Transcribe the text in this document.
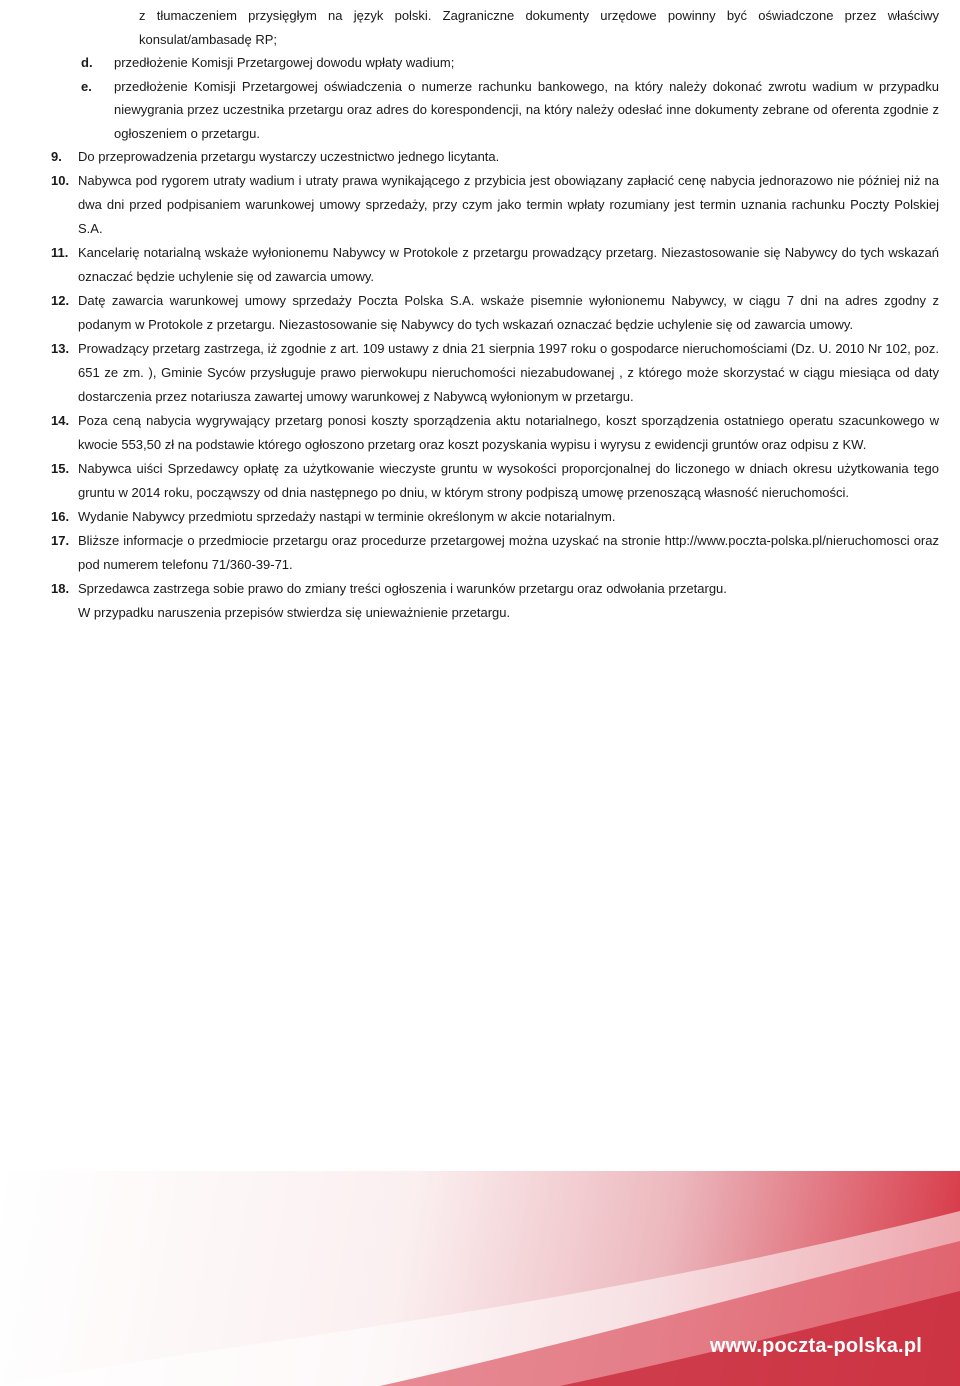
z tłumaczeniem przysięgłym na język polski. Zagraniczne dokumenty urzędowe powinny być oświadczone przez właściwy konsulat/ambasadę RP;
d.	przedłożenie Komisji Przetargowej dowodu wpłaty wadium;
e.	przedłożenie Komisji Przetargowej oświadczenia o numerze rachunku bankowego, na który należy dokonać zwrotu wadium w przypadku niewygrania przez uczestnika przetargu oraz adres do korespondencji, na który należy odesłać inne dokumenty zebrane od oferenta zgodnie z ogłoszeniem o przetargu.
9.	Do przeprowadzenia przetargu wystarczy uczestnictwo jednego licytanta.
10. Nabywca pod rygorem utraty wadium i utraty prawa wynikającego z przybicia jest obowiązany zapłacić cenę nabycia jednorazowo nie później niż na dwa dni przed podpisaniem warunkowej umowy sprzedaży, przy czym jako termin wpłaty rozumiany jest termin uznania rachunku Poczty Polskiej S.A.
11. Kancelarię notarialną wskaże wyłonionemu Nabywcy w Protokole z przetargu prowadzący przetarg. Niezastosowanie się Nabywcy do tych wskazań oznaczać będzie uchylenie się od zawarcia umowy.
12. Datę zawarcia warunkowej umowy sprzedaży Poczta Polska S.A. wskaże pisemnie wyłonionemu Nabywcy, w ciągu 7 dni na adres zgodny z podanym w Protokole z przetargu. Niezastosowanie się Nabywcy do tych wskazań oznaczać będzie uchylenie się od zawarcia umowy.
13. Prowadzący przetarg zastrzega, iż zgodnie z art. 109 ustawy z dnia 21 sierpnia 1997 roku o gospodarce nieruchomościami (Dz. U. 2010 Nr 102, poz. 651 ze zm. ), Gminie Syców przysługuje prawo pierwokupu nieruchomości niezabudowanej , z którego może skorzystać w ciągu miesiąca od daty dostarczenia przez notariusza zawartej umowy warunkowej z Nabywcą wyłonionym w przetargu.
14. Poza ceną nabycia wygrywający przetarg ponosi koszty sporządzenia aktu notarialnego, koszt sporządzenia ostatniego operatu szacunkowego w kwocie 553,50 zł na podstawie którego ogłoszono przetarg oraz koszt pozyskania wypisu i wyrysu z ewidencji gruntów oraz odpisu z KW.
15. Nabywca uiści Sprzedawcy opłatę za użytkowanie wieczyste gruntu w wysokości proporcjonalnej do liczonego w dniach okresu użytkowania tego gruntu w 2014 roku, począwszy od dnia następnego po dniu, w którym strony podpiszą umowę przenoszącą własność nieruchomości.
16. Wydanie Nabywcy przedmiotu sprzedaży nastąpi w terminie określonym w akcie notarialnym.
17. Bliższe informacje o przedmiocie przetargu oraz procedurze przetargowej można uzyskać na stronie http://www.poczta-polska.pl/nieruchomosci oraz pod numerem telefonu 71/360-39-71.
18. Sprzedawca zastrzega sobie prawo do zmiany treści ogłoszenia i warunków przetargu oraz odwołania przetargu.
W przypadku naruszenia przepisów stwierdza się unieważnienie przetargu.
www.poczta-polska.pl
